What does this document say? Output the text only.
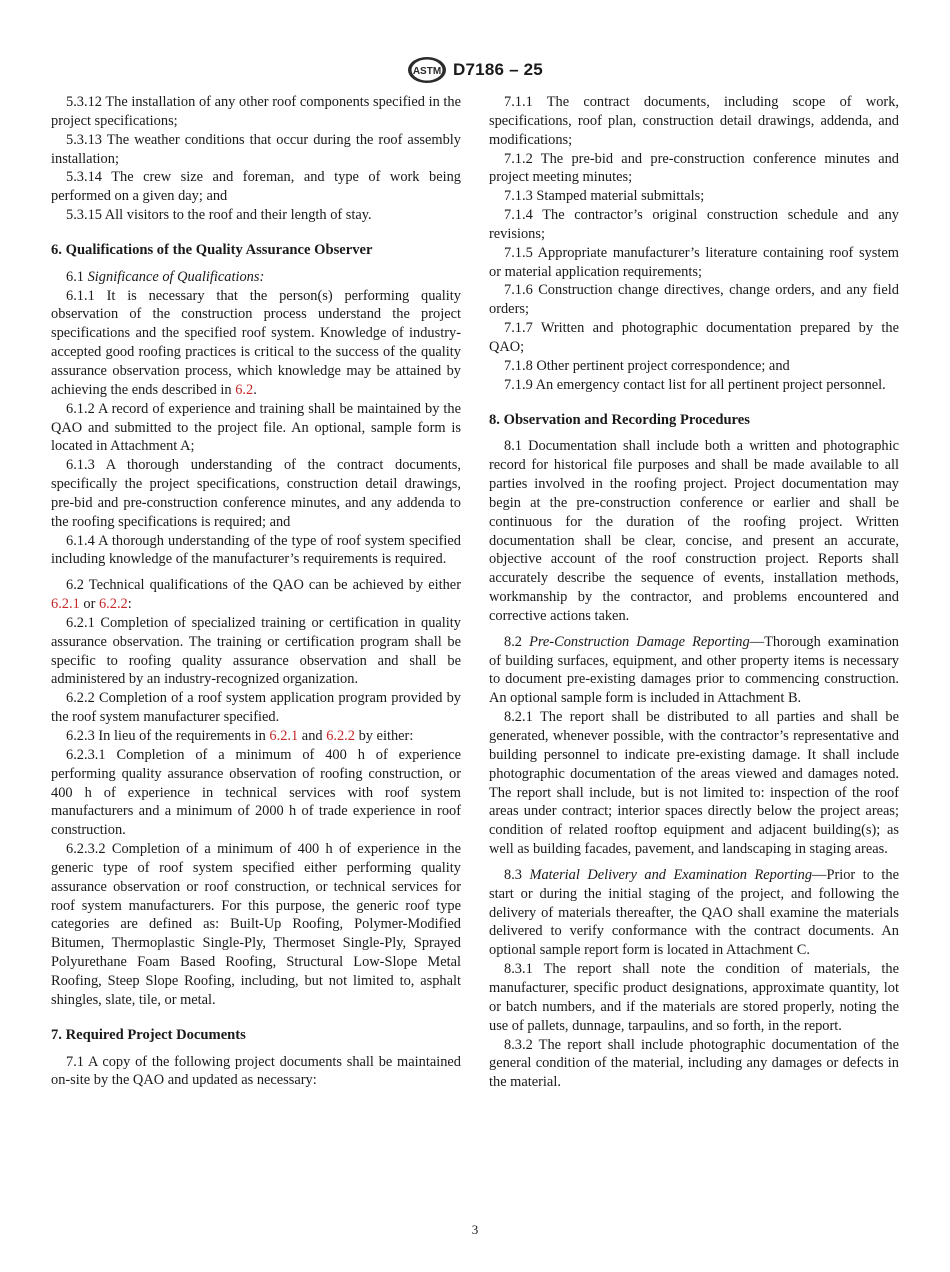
ASTM D7186 – 25

5.3.12 The installation of any other roof components specified in the project specifications;

5.3.13 The weather conditions that occur during the roof assembly installation;

5.3.14 The crew size and foreman, and type of work being performed on a given day; and

5.3.15 All visitors to the roof and their length of stay.

6. Qualifications of the Quality Assurance Observer

6.1 Significance of Qualifications:

6.1.1 It is necessary that the person(s) performing quality observation of the construction process understand the project specifications and the specified roof system. Knowledge of industry-accepted good roofing practices is critical to the success of the quality assurance observation process, which knowledge may be attained by achieving the ends described in 6.2.

6.1.2 A record of experience and training shall be maintained by the QAO and submitted to the project file. An optional, sample form is located in Attachment A;

6.1.3 A thorough understanding of the contract documents, specifically the project specifications, construction detail drawings, pre-bid and pre-construction conference minutes, and any addenda to the roofing specifications is required; and

6.1.4 A thorough understanding of the type of roof system specified including knowledge of the manufacturer’s requirements is required.

6.2 Technical qualifications of the QAO can be achieved by either 6.2.1 or 6.2.2:

6.2.1 Completion of specialized training or certification in quality assurance observation. The training or certification program shall be specific to roofing quality assurance observation and shall be administered by an industry-recognized organization.

6.2.2 Completion of a roof system application program provided by the roof system manufacturer specified.

6.2.3 In lieu of the requirements in 6.2.1 and 6.2.2 by either:

6.2.3.1 Completion of a minimum of 400 h of experience performing quality assurance observation of roofing construction, or 400 h of experience in technical services with roof system manufacturers and a minimum of 2000 h of trade experience in roof construction.

6.2.3.2 Completion of a minimum of 400 h of experience in the generic type of roof system specified either performing quality assurance observation or roof construction, or technical services for roof system manufacturers. For this purpose, the generic roof type categories are defined as: Built-Up Roofing, Polymer-Modified Bitumen, Thermoplastic Single-Ply, Thermoset Single-Ply, Sprayed Polyurethane Foam Based Roofing, Structural Low-Slope Metal Roofing, Steep Slope Roofing, including, but not limited to, asphalt shingles, slate, tile, or metal.

7. Required Project Documents

7.1 A copy of the following project documents shall be maintained on-site by the QAO and updated as necessary:

7.1.1 The contract documents, including scope of work, specifications, roof plan, construction detail drawings, addenda, and modifications;

7.1.2 The pre-bid and pre-construction conference minutes and project meeting minutes;

7.1.3 Stamped material submittals;

7.1.4 The contractor’s original construction schedule and any revisions;

7.1.5 Appropriate manufacturer’s literature containing roof system or material application requirements;

7.1.6 Construction change directives, change orders, and any field orders;

7.1.7 Written and photographic documentation prepared by the QAO;

7.1.8 Other pertinent project correspondence; and

7.1.9 An emergency contact list for all pertinent project personnel.

8. Observation and Recording Procedures

8.1 Documentation shall include both a written and photographic record for historical file purposes and shall be made available to all parties involved in the roofing project. Project documentation may begin at the pre-construction conference or earlier and shall be continuous for the duration of the roofing project. Written documentation shall be clear, concise, and present an accurate, objective account of the roof construction project. Reports shall accurately describe the sequence of events, installation methods, workmanship by the contractor, and problems encountered and corrective actions taken.

8.2 Pre-Construction Damage Reporting—Thorough examination of building surfaces, equipment, and other property items is necessary to document pre-existing damages prior to commencing construction. An optional sample form is included in Attachment B.

8.2.1 The report shall be distributed to all parties and shall be generated, whenever possible, with the contractor’s representative and building personnel to indicate pre-existing damage. It shall include photographic documentation of the areas viewed and damages noted. The report shall include, but is not limited to: inspection of the roof areas under contract; interior spaces directly below the project areas; condition of related rooftop equipment and adjacent building(s); as well as building facades, pavement, and landscaping in staging areas.

8.3 Material Delivery and Examination Reporting—Prior to the start or during the initial staging of the project, and following the delivery of materials thereafter, the QAO shall examine the materials delivered to verify conformance with the contract documents. An optional sample report form is located in Attachment C.

8.3.1 The report shall note the condition of materials, the manufacturer, specific product designations, approximate quantity, lot or batch numbers, and if the materials are stored properly, noting the use of pallets, dunnage, tarpaulins, and so forth, in the report.

8.3.2 The report shall include photographic documentation of the general condition of the material, including any damages or defects in the material.

3
